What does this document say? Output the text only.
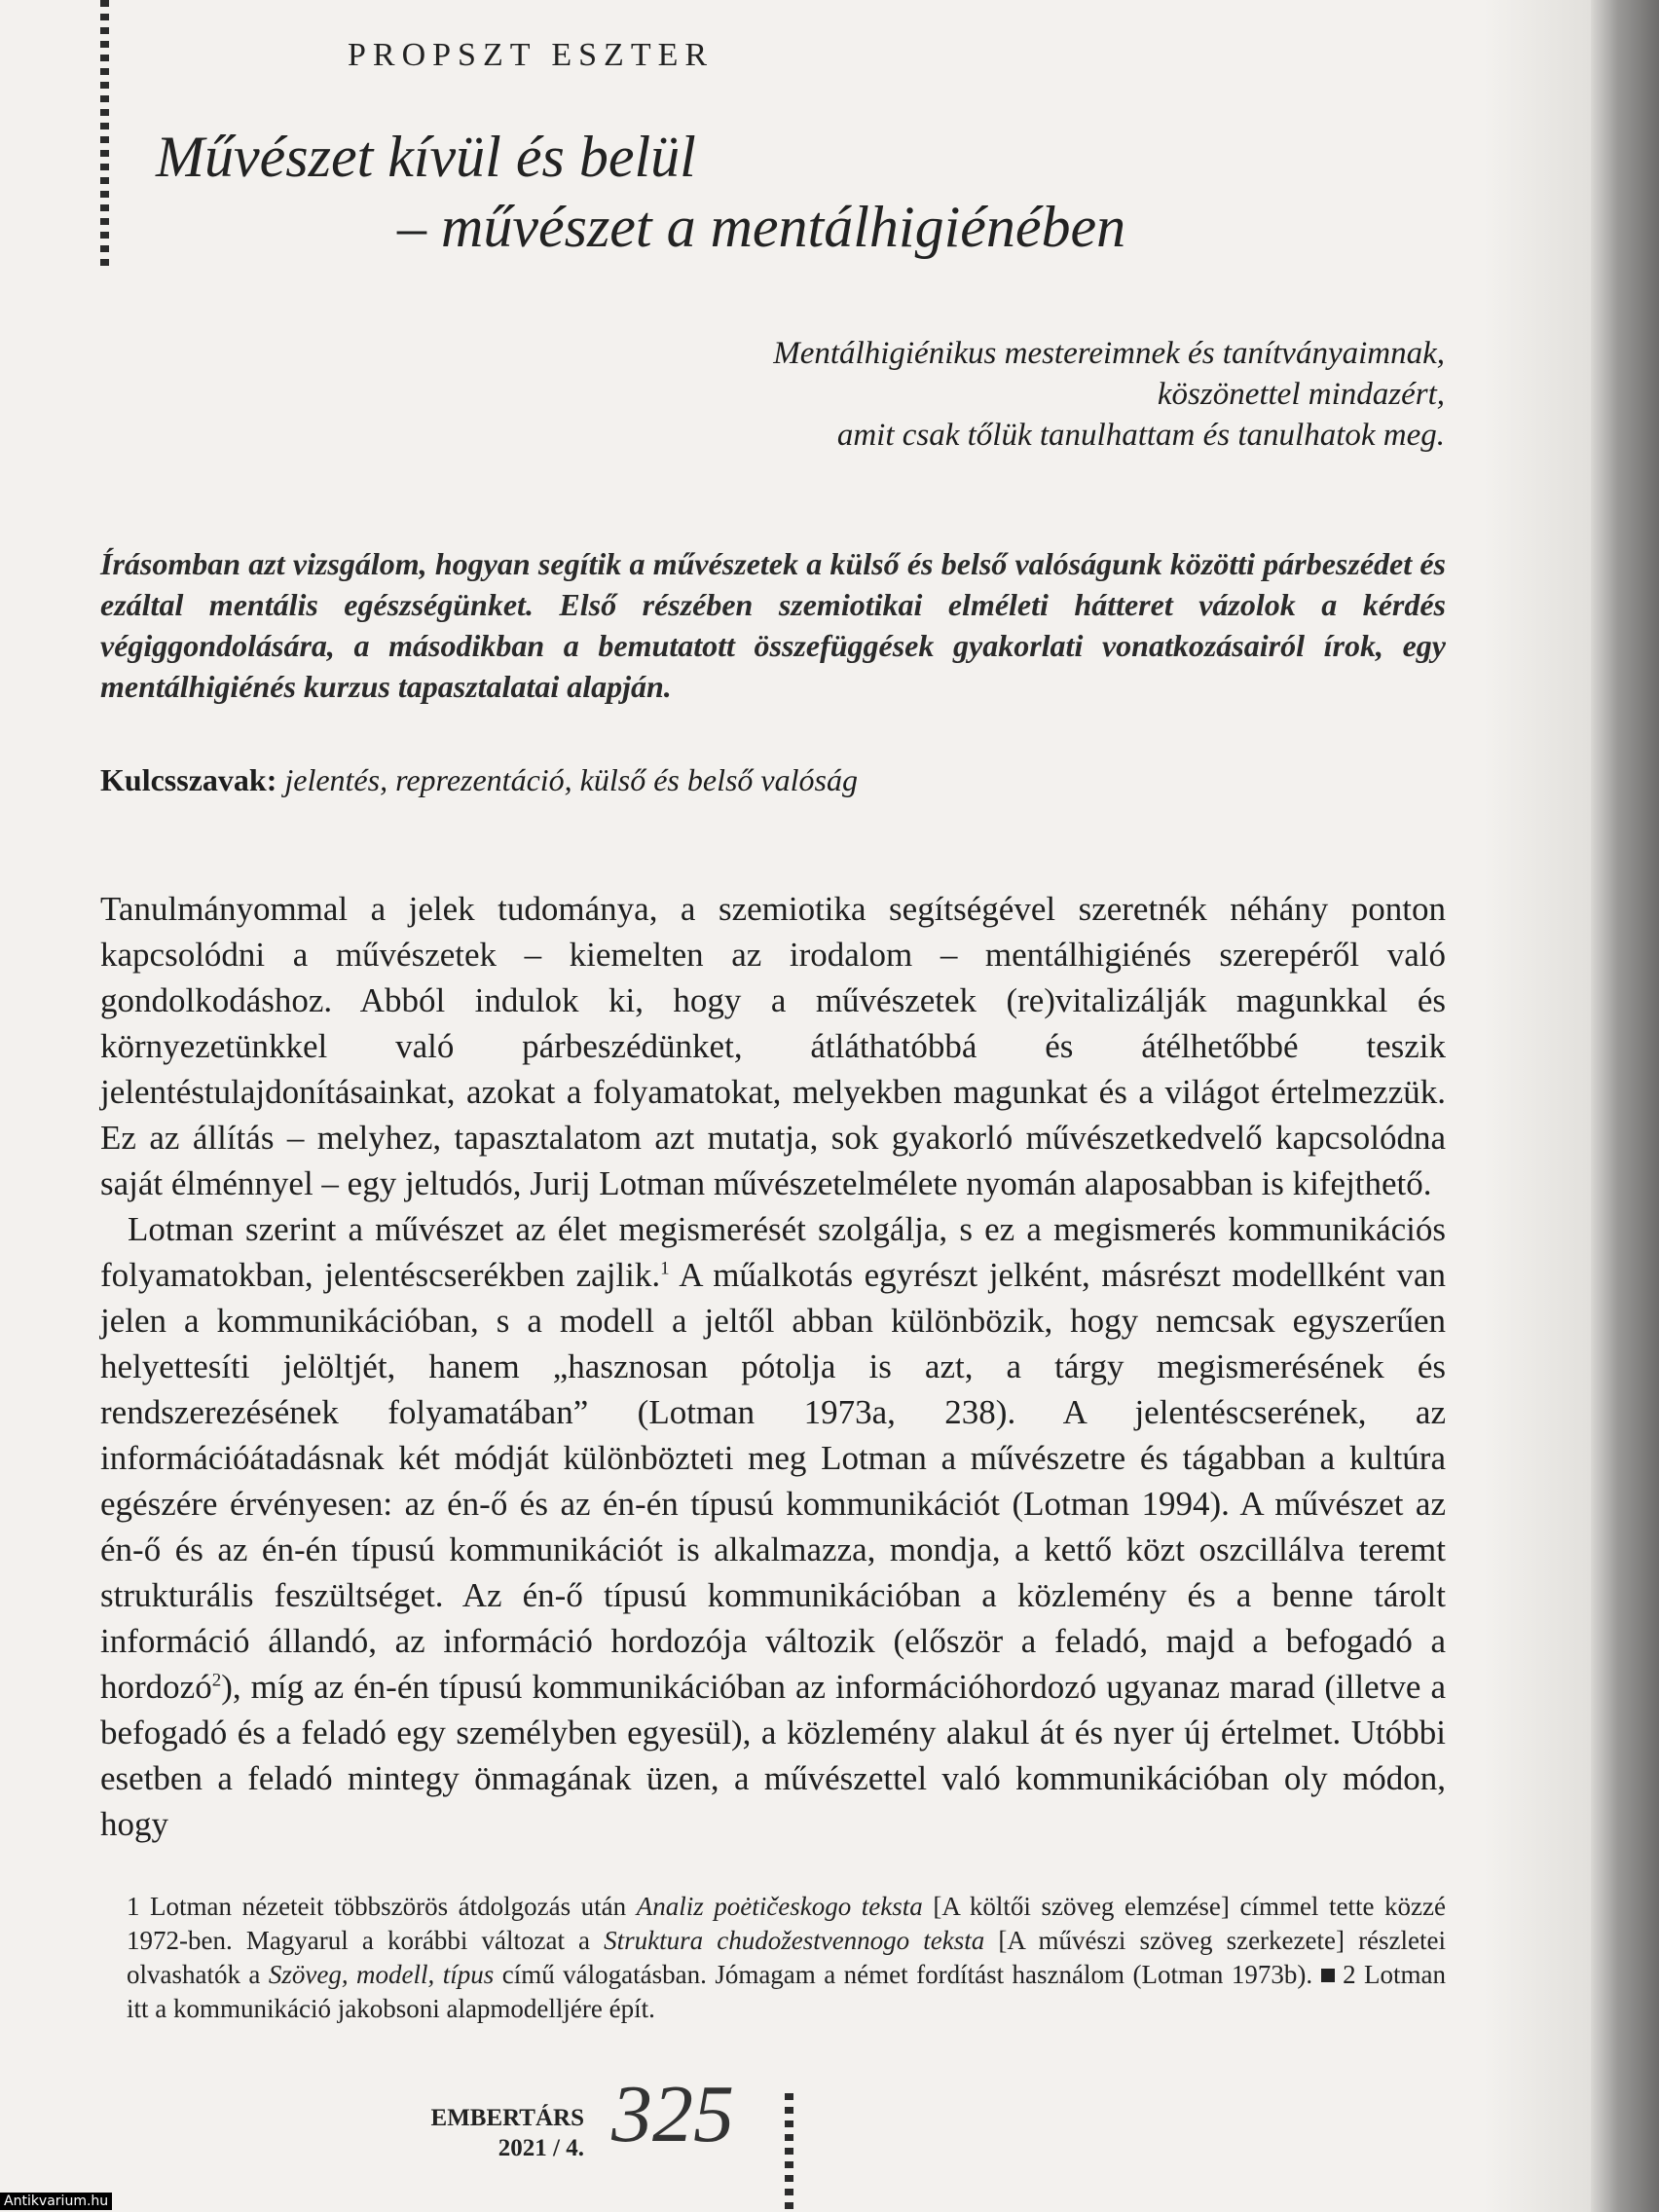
PROPSZT ESZTER
Művészet kívül és belül
– művészet a mentálhigiénében
Mentálhigiénikus mestereimnek és tanítványaimnak,
köszönettel mindazért,
amit csak tőlük tanulhattam és tanulhatok meg.
Írásomban azt vizsgálom, hogyan segítik a művészetek a külső és belső valóságunk közötti párbeszédet és ezáltal mentális egészségünket. Első részében szemiotikai elméleti hátteret vázolok a kérdés végiggondolására, a másodikban a bemutatott összefüggések gyakorlati vonatkozásairól írok, egy mentálhigiénés kurzus tapasztalatai alapján.
Kulcsszavak: jelentés, reprezentáció, külső és belső valóság

Tanulmányommal a jelek tudománya, a szemiotika segítségével szeretnék néhány ponton kapcsolódni a művészetek – kiemelten az irodalom – mentálhigiénés szerepéről való gondolkodáshoz. Abból indulok ki, hogy a művészetek (re)vitalizálják magunkkal és környezetünkkel való párbeszédünket, átláthatóbbá és átélhetőbbé teszik jelentéstulajdonításainkat, azokat a folyamatokat, melyekben magunkat és a világot értelmezzük. Ez az állítás – melyhez, tapasztalatom azt mutatja, sok gyakorló művészetkedvelő kapcsolódna saját élménnyel – egy jeltudós, Jurij Lotman művészetelmélete nyomán alaposabban is kifejthető.

Lotman szerint a művészet az élet megismerését szolgálja, s ez a megismerés kommunikációs folyamatokban, jelentéscserékben zajlik.$^1$ A műalkotás egyrészt jelként, másrészt modellként van jelen a kommunikációban, s a modell a jeltől abban különbözik, hogy nemcsak egyszerűen helyettesíti jelöltjét, hanem „hasznosan pótolja is azt, a tárgy megismerésének és rendszerezésének folyamatában” (Lotman 1973a, 238). A jelentéscserének, az információátadásnak két módját különbözteti meg Lotman a művészetre és tágabban a kultúra egészére érvényesen: az én-ő és az én-én típusú kommunikációt (Lotman 1994). A művészet az én-ő és az én-én típusú kommunikációt is alkalmazza, mondja, a kettő közt oszcillálva teremt strukturális feszültséget. Az én-ő típusú kommunikációban a közlemény és a benne tárolt információ állandó, az információ hordozója változik (először a feladó, majd a befogadó a hordozó$^2$), míg az én-én típusú kommunikációban az információhordozó ugyanaz marad (illetve a befogadó és a feladó egy személyben egyesül), a közlemény alakul át és nyer új értelmet. Utóbbi esetben a feladó mintegy önmagának üzen, a művészettel való kommunikációban oly módon, hogy

1 Lotman nézeteit többszörös átdolgozás után Analiz poėtičeskogo teksta [A költői szöveg elemzése] címmel tette közzé 1972-ben. Magyarul a korábbi változat a Struktura chudožestvennogo teksta [A művészi szöveg szerkezete] részletei olvashatók a Szöveg, modell, típus című válogatásban. Jómagam a német fordítást használom (Lotman 1973b).  2 Lotman itt a kommunikáció jakobsoni alapmodelljére épít.
EMBERTÁRS
2021 / 4. 325
Antikvarium.hu
